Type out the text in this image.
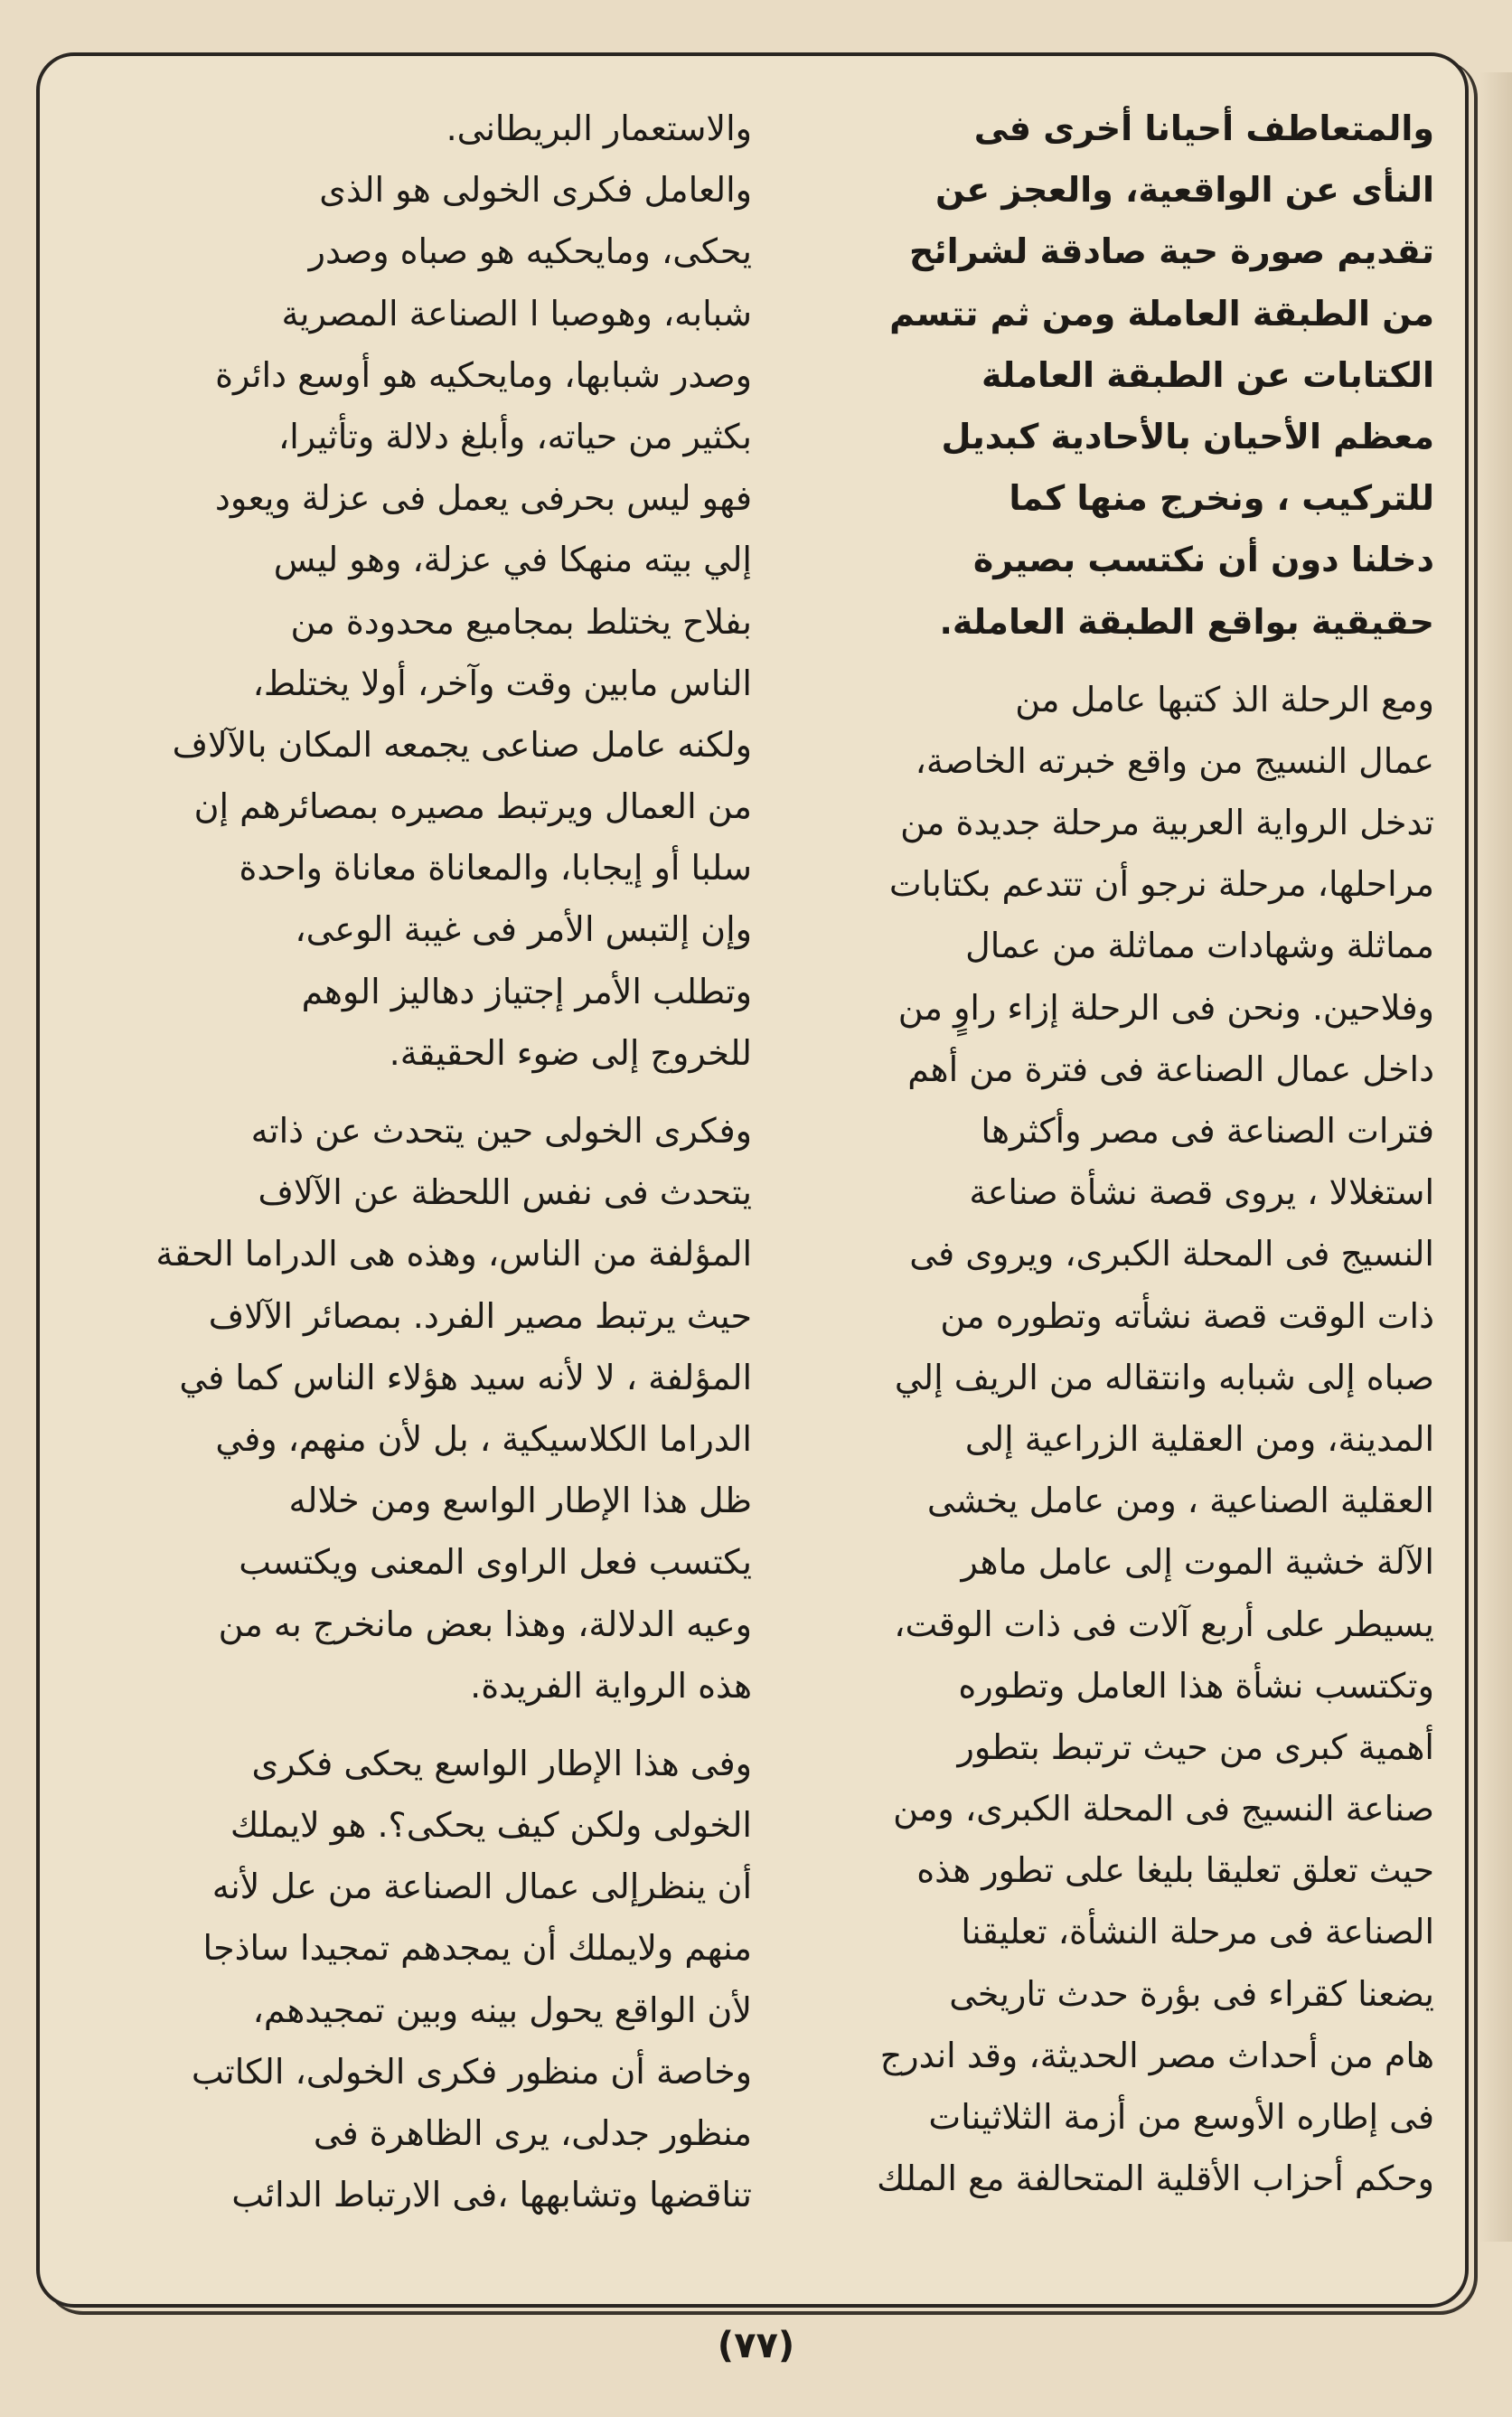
والمتعاطف أحيانا أخرى فى
النأى عن الواقعية، والعجز عن
تقديم صورة حية صادقة لشرائح
من الطبقة العاملة ومن ثم تتسم
الكتابات عن الطبقة العاملة
معظم الأحيان بالأحادية كبديل
للتركيب ، ونخرج منها كما
دخلنا دون أن نكتسب بصيرة
حقيقية بواقع الطبقة العاملة.
ومع الرحلة الذ كتبها عامل من
عمال النسيج من واقع خبرته الخاصة،
تدخل الرواية العربية مرحلة جديدة من
مراحلها، مرحلة نرجو أن تتدعم بكتابات
مماثلة وشهادات مماثلة من عمال
وفلاحين. ونحن فى الرحلة إزاء راوٍ من
داخل عمال الصناعة فى فترة من أهم
فترات الصناعة فى مصر وأكثرها
استغلالا ، يروى قصة نشأة صناعة
النسيج فى المحلة الكبرى، ويروى فى
ذات الوقت قصة نشأته وتطوره من
صباه إلى شبابه وانتقاله من الريف إلي
المدينة، ومن العقلية الزراعية إلى
العقلية الصناعية ، ومن عامل يخشى
الآلة خشية الموت إلى عامل ماهر
يسيطر على أربع آلات فى ذات الوقت،
وتكتسب نشأة هذا العامل وتطوره
أهمية كبرى من حيث ترتبط بتطور
صناعة النسيج فى المحلة الكبرى، ومن
حيث تعلق تعليقا بليغا على تطور هذه
الصناعة فى مرحلة النشأة، تعليقنا
يضعنا كقراء فى بؤرة حدث تاريخى
هام من أحداث مصر الحديثة، وقد اندرج
فى إطاره الأوسع من أزمة الثلاثينات
وحكم أحزاب الأقلية المتحالفة مع الملك
والاستعمار البريطانى.
والعامل فكرى الخولى هو الذى
يحكى، ومايحكيه هو صباه وصدر
شبابه، وهوصبا ا الصناعة المصرية
وصدر شبابها، ومايحكيه هو أوسع دائرة
بكثير من حياته، وأبلغ دلالة وتأثيرا،
فهو ليس بحرفى يعمل فى عزلة ويعود
إلي بيته منهكا في عزلة، وهو ليس
بفلاح يختلط بمجاميع محدودة من
الناس مابين وقت وآخر، أولا يختلط،
ولكنه عامل صناعى يجمعه المكان بالآلاف
من العمال ويرتبط مصيره بمصائرهم إن
سلبا أو إيجابا، والمعاناة معاناة واحدة
وإن إلتبس الأمر فى غيبة الوعى،
وتطلب الأمر إجتياز دهاليز الوهم
للخروج إلى ضوء الحقيقة.
وفكرى الخولى حين يتحدث عن ذاته
يتحدث فى نفس اللحظة عن الآلاف
المؤلفة من الناس، وهذه هى الدراما الحقة
حيث يرتبط مصير الفرد. بمصائر الآلاف
المؤلفة ، لا لأنه سيد هؤلاء الناس كما في
الدراما الكلاسيكية ، بل لأن منهم، وفي
ظل هذا الإطار الواسع ومن خلاله
يكتسب فعل الراوى المعنى ويكتسب
وعيه الدلالة، وهذا بعض مانخرج به من
هذه الرواية الفريدة.
وفى هذا الإطار الواسع يحكى فكرى
الخولى ولكن كيف يحكى؟. هو لايملك
أن ينظرإلى عمال الصناعة من عل لأنه
منهم ولايملك أن يمجدهم تمجيدا ساذجا
لأن الواقع يحول بينه وبين تمجيدهم،
وخاصة أن منظور فكرى الخولى، الكاتب
منظور جدلى، يرى الظاهرة فى
تناقضها وتشابهها ،فى الارتباط الدائب
(٧٧)
